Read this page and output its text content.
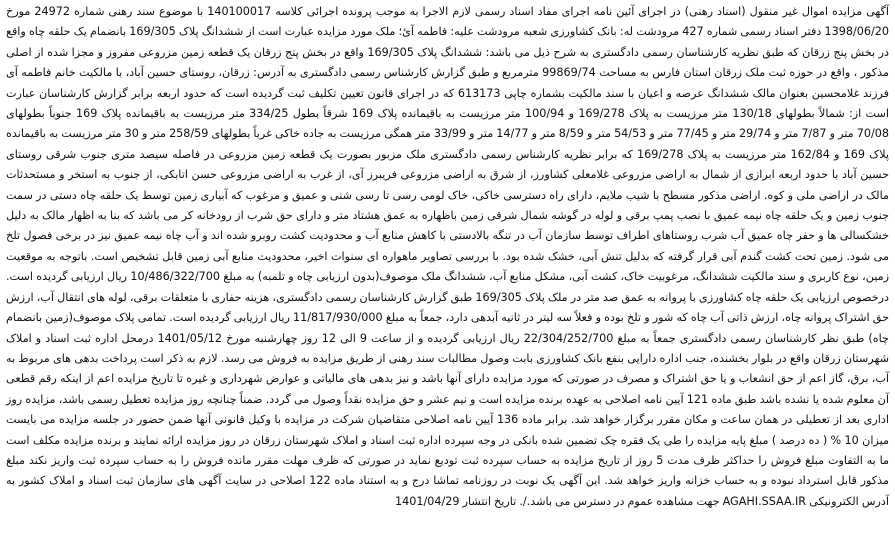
آگهی مزایده اموال غیر منقول (اسناد رهنی) در اجرای آئین نامه اجرای مفاد اسناد رسمی لازم الاجرا به موجب پرونده اجرائی کلاسه 140100017 با موضوع سند رهنی شماره 24972 مورخ 1398/06/20 دفتر اسناد رسمی شماره 427 مرودشت له: بانک کشاورزی شعبه مرودشت علیه: فاطمه آئ؛ ملک مورد مزایده عبارت است از ششدانگ پلاک 169/305 بانضمام یک حلقه چاه واقع در بخش پنج زرقان که طبق نظریه کارشناسان رسمی دادگستری به شرح ذیل می باشد: ششدانگ پلاک 169/305 واقع در بخش پنج زرقان یک قطعه زمین مزروعی مفروز و مجزا شده از اصلی مذکور ، واقع در حوزه ثبت ملک زرقان استان فارس به مساحت 99869/74 مترمربع و طبق گزارش کارشناس رسمی دادگستری به آدرس: زرقان، روستای حسین آباد، با مالکیت خانم فاطمه آی فرزند غلامحسین بعنوان مالک ششدانگ عرصه و اعیان با سند مالکیت بشماره چاپی 613173 که در اجرای قانون تعیین تکلیف ثبت گردیده است که حدود اربعه برابر گزارش کارشناسان عبارت است از: شمالاً بطولهای 130/18 متر مرزیست به پلاک 169/278 و 100/94 متر مرزیست به باقیمانده پلاک 169 شرقاً بطول 334/25 متر مرزیست به باقیمانده پلاک 169 جنوباً بطولهای 70/08 متر و 7/87 متر و 29/74 متر و 77/45 متر و 54/53 متر و 8/59 متر و 14/77 متر و 33/99 متر همگی مرزیست به جاده خاکی غرباً بطولهای 258/59 متر و 30 متر مرزیست به باقیمانده پلاک 169 و 162/84 متر مرزیست به پلاک 169/278 که برابر نظریه کارشناس رسمی دادگستری ملک مزبور بصورت یک قطعه زمین مزروعی در فاصله سیصد متری جنوب شرقی روستای حسین آباد با حدود اربعه ابرازی از شمال به اراضی مزروعی غلامعلی کشاورز، از شرق به اراضی مزروعی فریبرز آی، از غرب به اراضی مزروعی حسن اتابکی، از جنوب به استخر و مستحدثات مالک در اراضی ملی و کوه. اراضی مذکور مسطح با شیب ملایم، دارای راه دسترسی خاکی، خاک لومی رسی تا رسی شنی و عمیق و مرغوب که آبیاری زمین توسط یک حلقه چاه دستی در سمت جنوب زمین و یک حلقه چاه نیمه عمیق با نصب پمپ برقی و لوله در گوشه شمال شرقی زمین باظهاره به عمق هشتاد متر و دارای حق شرب از رودخانه کر می باشد که بنا به اظهار مالک به دلیل خشکسالی ها و حفر چاه عمیق آب شرب روستاهای اطراف توسط سازمان آب در تنگه بالادستی با کاهش منابع آب و محدودیت کشت روبرو شده اند و آب چاه نیمه عمیق نیز در برخی فصول تلخ می شود. زمین تحت کشت گندم آبی قرار گرفته که بدلیل تنش آبی، خشک شده بود. با بررسی تصاویر ماهواره ای سنوات اخیر، محدودیت منابع آبی زمین قابل تشخیص است. باتوجه به موقعیت زمین، نوع کاربری و سند مالکیت ششدانگ، مرغوبیت خاک، کشت آبی، مشکل منابع آب، ششدانگ ملک موصوف(بدون ارزیابی چاه و تلمبه) به مبلغ 10/486/322/700 ریال ارزیابی گردیده است. درخصوص ارزیابی یک حلقه چاه کشاورزی با پروانه به عمق صد متر در ملک پلاک 169/305 طبق گزارش کارشناسان رسمی دادگستری، هزینه حفاری با متعلقات برقی، لوله های انتقال آب، ارزش حق اشتراک پروانه چاه، ارزش ذاتی آب چاه که شور و تلخ بوده و فعلاً سه لیتر در ثانیه آبدهی دارد، جمعاً به مبلغ 11/817/930/000 ریال ارزیابی گردیده است. تمامی پلاک موصوف(زمین بانضمام چاه) طبق نظر کارشناسان رسمی دادگستری جمعاً به مبلغ 22/304/252/700 ریال ارزیابی گردیده و از ساعت 9 الی 12 روز چهارشنبه مورخ 1401/05/12 درمحل اداره ثبت اسناد و املاک شهرستان زرقان واقع در بلوار بخشنده، جنب اداره دارایی بنفع بانک کشاورزی بابت وصول مطالبات سند رهنی از طریق مزایده به فروش می رسد. لازم به ذکر است پرداخت بدهی های مربوط به آب، برق، گاز اعم از حق انشعاب و یا حق اشتراک و مصرف در صورتی که مورد مزایده دارای آنها باشد و نیز بدهی های مالیاتی و عوارض شهرداری و غیره تا تاریخ مزایده اعم از اینکه رقم قطعی آن معلوم شده یا نشده باشد طبق ماده 121 آیین نامه اصلاحی به عهده برنده مزایده است و نیم عشر و حق مزایده نقداً وصول می گردد. ضمناً چنانچه روز مزایده تعطیل رسمی باشد، مزایده روز اداری بعد از تعطیلی در همان ساعت و مکان مقرر برگزار خواهد شد. برابر ماده 136 آیین نامه اصلاحی متقاضیان شرکت در مزایده با وکیل قانونی آنها ضمن حضور در جلسه مزایده می بایست میزان 10 % ( ده درصد ) مبلغ پایه مزایده را طی یک فقره چک تضمین شده بانکی در وجه سپرده اداره ثبت اسناد و املاک شهرستان زرقان در روز مزایده ارائه نمایند و برنده مزایده مکلف است ما به التفاوت مبلغ فروش را حداکثر ظرف مدت 5 روز از تاریخ مزایده به حساب سپرده ثبت تودیع نماید در صورتی که ظرف مهلت مقرر مانده فروش را به حساب سپرده ثبت واریز نکند مبلغ مذکور قابل استرداد نبوده و به حساب خزانه واریز خواهد شد. این آگهی یک نوبت در روزنامه تماشا درج و به استناد ماده 122 اصلاحی در سایت آگهی های سازمان ثبت اسناد و املاک کشور به آدرس الکترونیکی AGAHI.SSAA.IR جهت مشاهده عموم در دسترس می باشد./. تاریخ انتشار 1401/04/29
